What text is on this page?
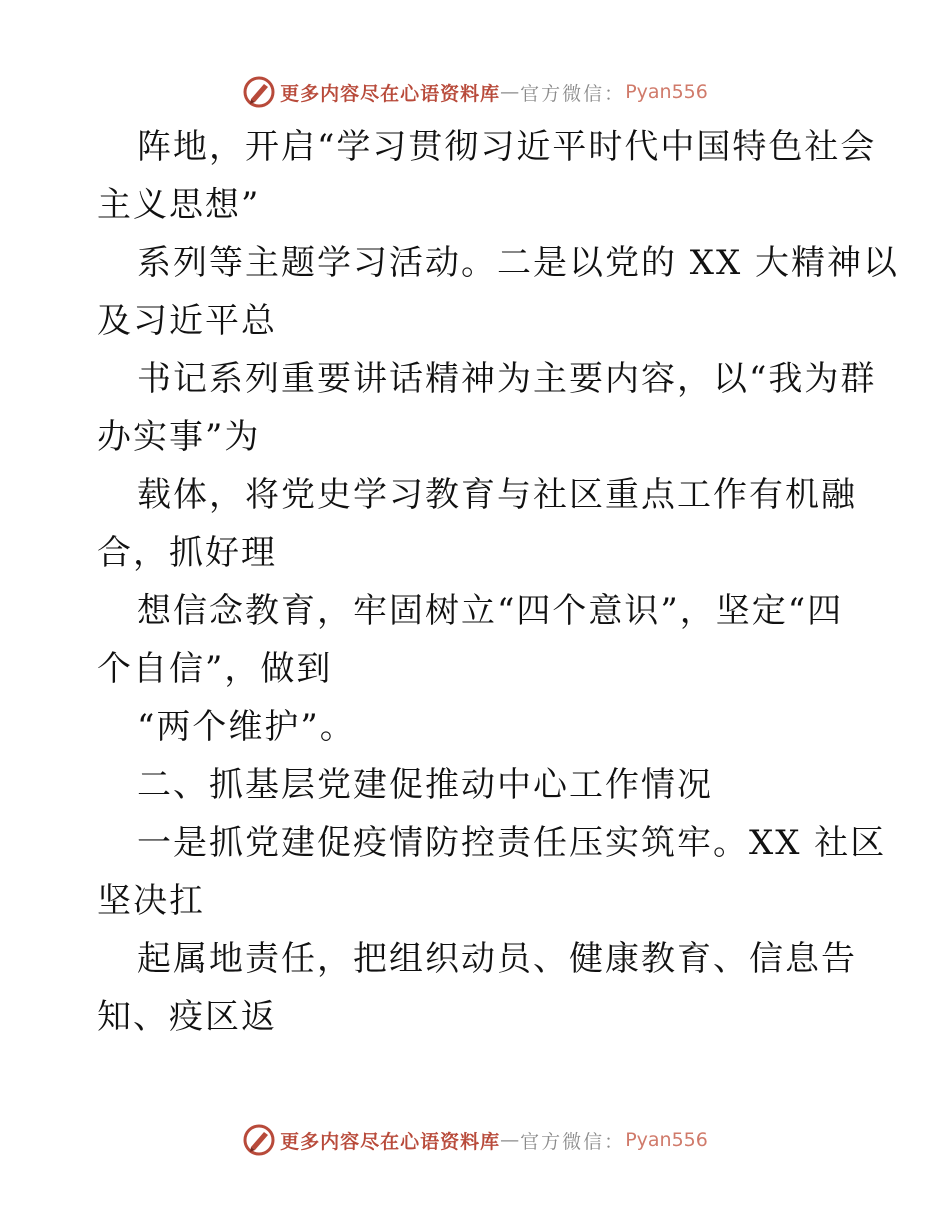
更多内容尽在心语资料库 — 官方微信： Pyan556
阵地，开启“学习贯彻习近平时代中国特色社会
主义思想”
系列等主题学习活动。二是以党的 XX 大精神以
及习近平总
书记系列重要讲话精神为主要内容，以“我为群
办实事”为
载体，将党史学习教育与社区重点工作有机融
合，抓好理
想信念教育，牢固树立“四个意识”，坚定“四
个自信”，做到
“两个维护”。
二、抓基层党建促推动中心工作情况
一是抓党建促疫情防控责任压实筑牢。XX 社区
坚决扛
起属地责任，把组织动员、健康教育、信息告
知、疫区返
更多内容尽在心语资料库 — 官方微信： Pyan556
